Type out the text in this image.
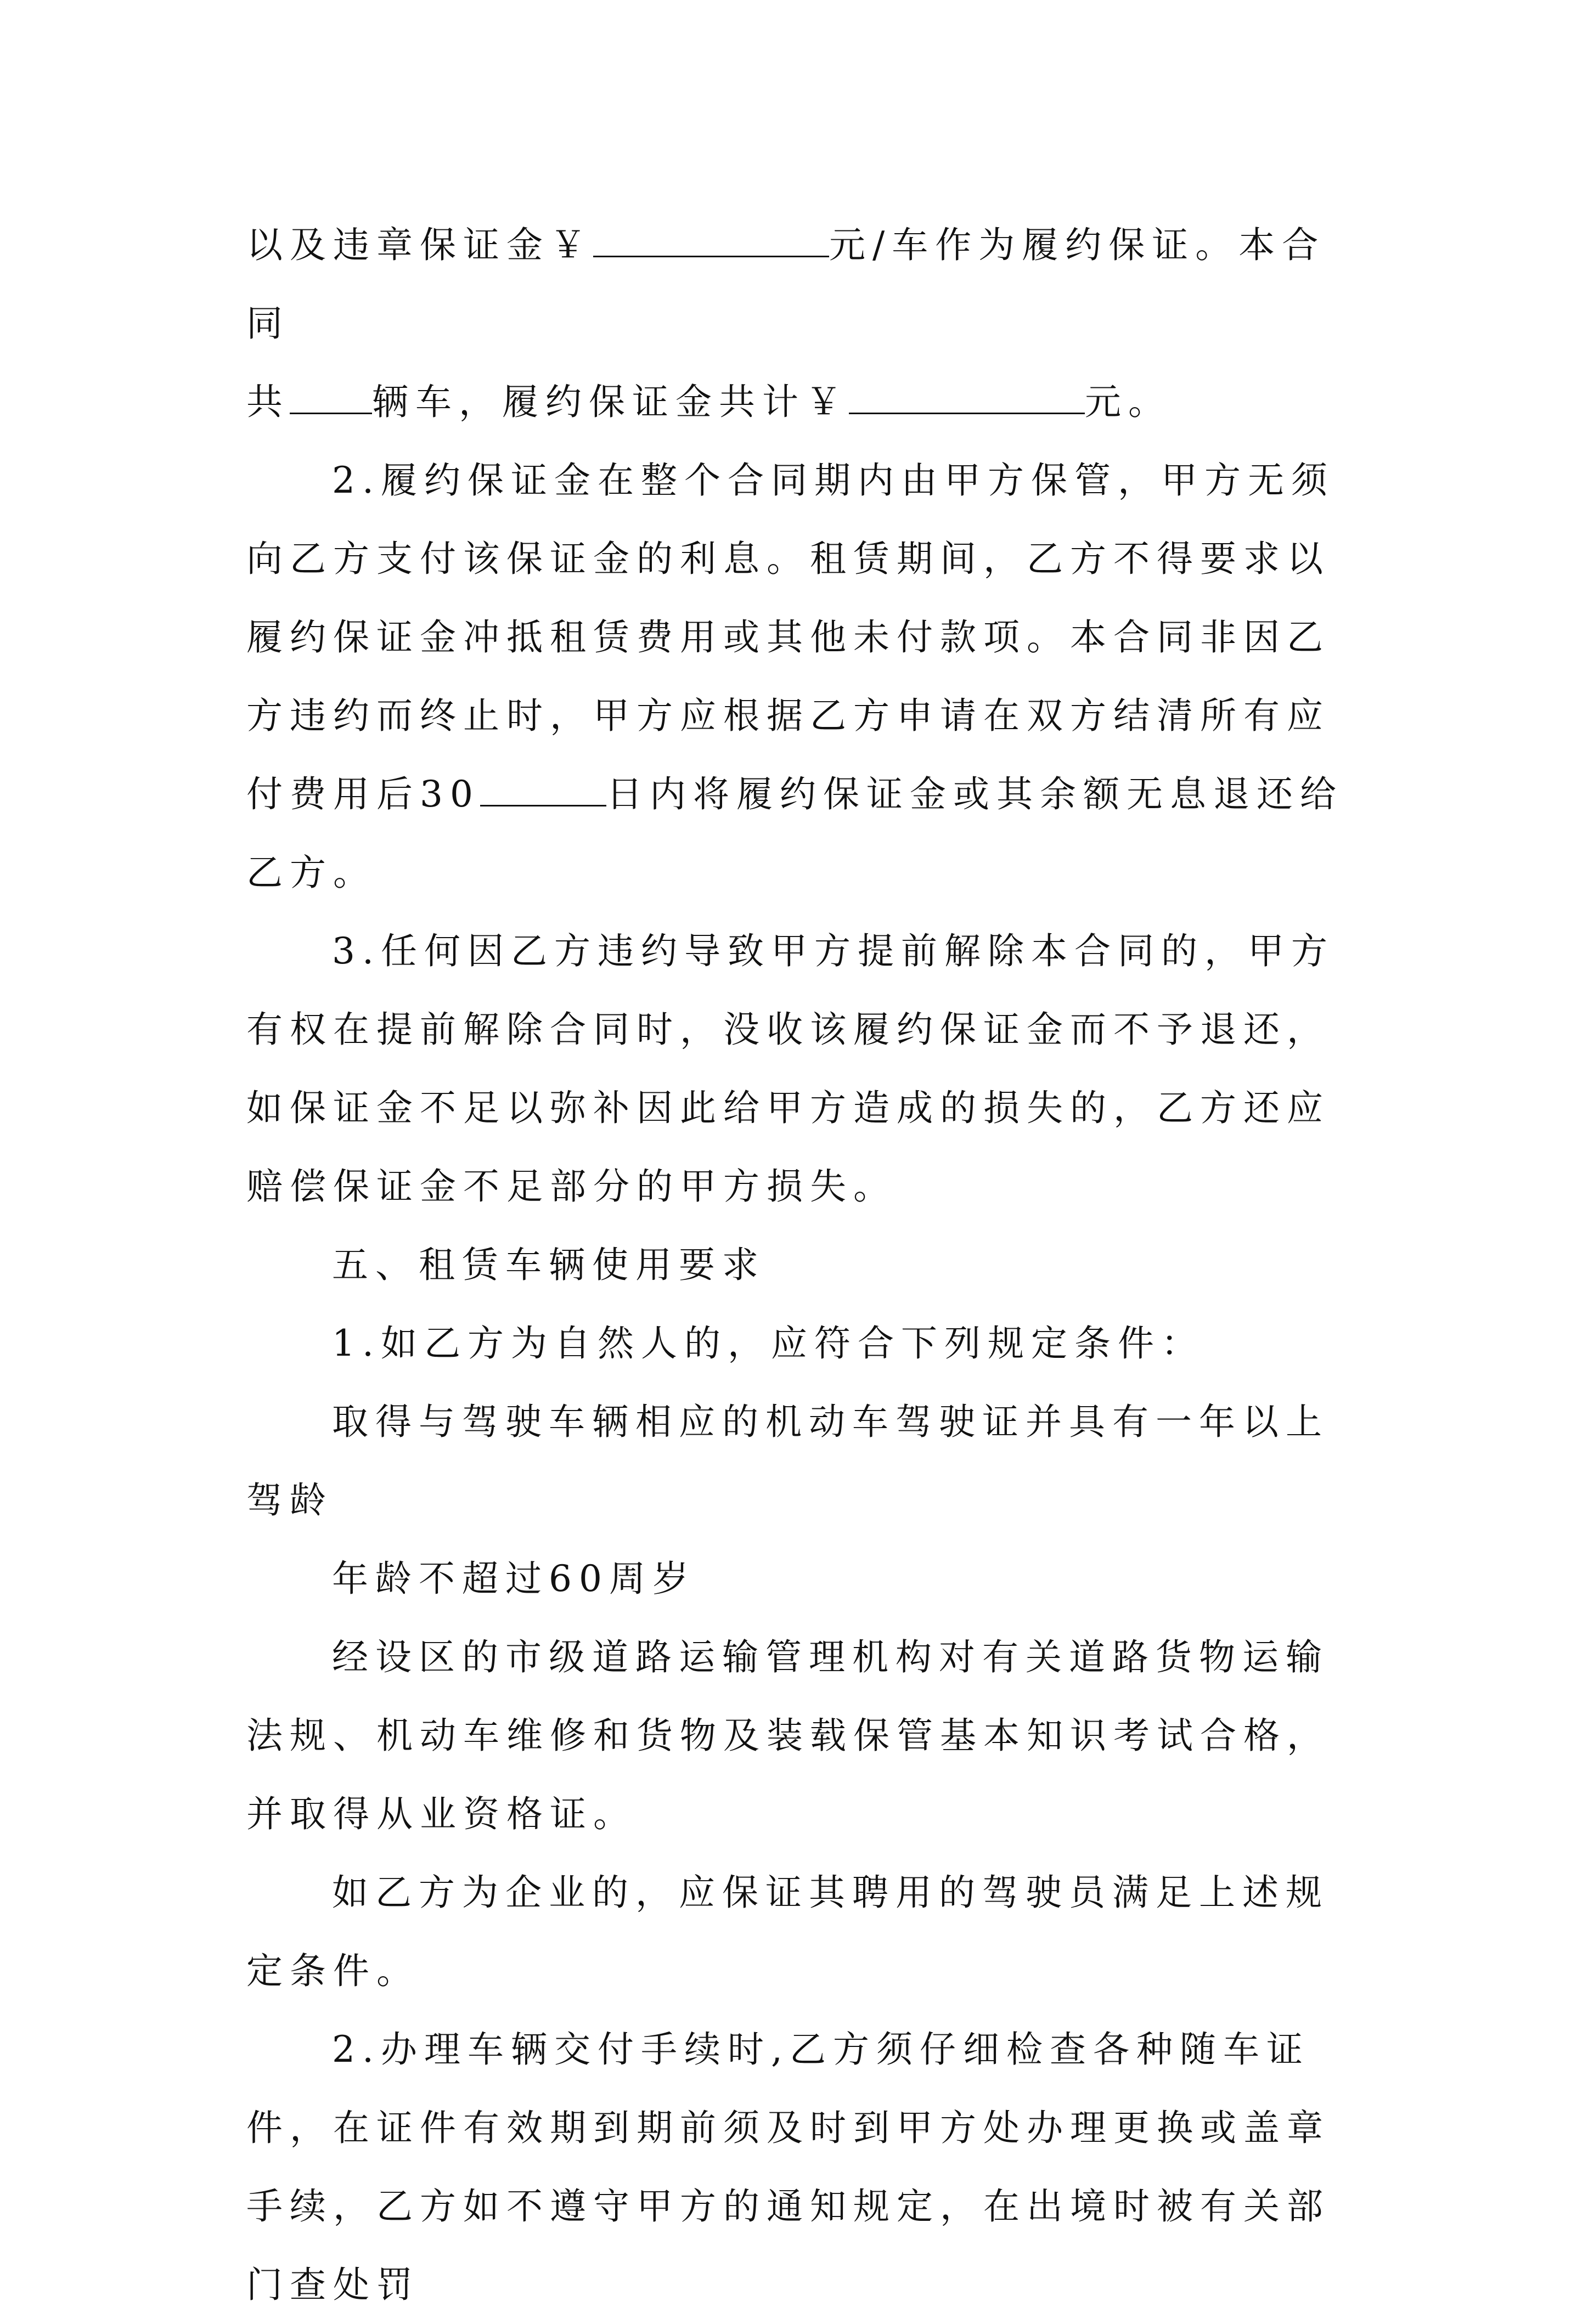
以及违章保证金￥	元/车作为履约保证。本合同

共 辆车，履约保证金共计￥	元。

2.履约保证金在整个合同期内由甲方保管，甲方无须向乙方支付该保证金的利息。租赁期间，乙方不得要求以履约保证金冲抵租赁费用或其他未付款项。本合同非因乙方违约而终止时，甲方应根据乙方申请在双方结清所有应付费用后30	日内将履约保证金或其余额无息退还给乙方。

3.任何因乙方违约导致甲方提前解除本合同的，甲方有权在提前解除合同时，没收该履约保证金而不予退还，如保证金不足以弥补因此给甲方造成的损失的，乙方还应赔偿保证金不足部分的甲方损失。

五、租赁车辆使用要求

1.如乙方为自然人的，应符合下列规定条件：

取得与驾驶车辆相应的机动车驾驶证并具有一年以上驾龄

年龄不超过60周岁

经设区的市级道路运输管理机构对有关道路货物运输法规、机动车维修和货物及装载保管基本知识考试合格，并取得从业资格证。

如乙方为企业的，应保证其聘用的驾驶员满足上述规定条件。

2.办理车辆交付手续时,乙方须仔细检查各种随车证件，在证件有效期到期前须及时到甲方处办理更换或盖章手续，乙方如不遵守甲方的通知规定，在出境时被有关部门查处罚
